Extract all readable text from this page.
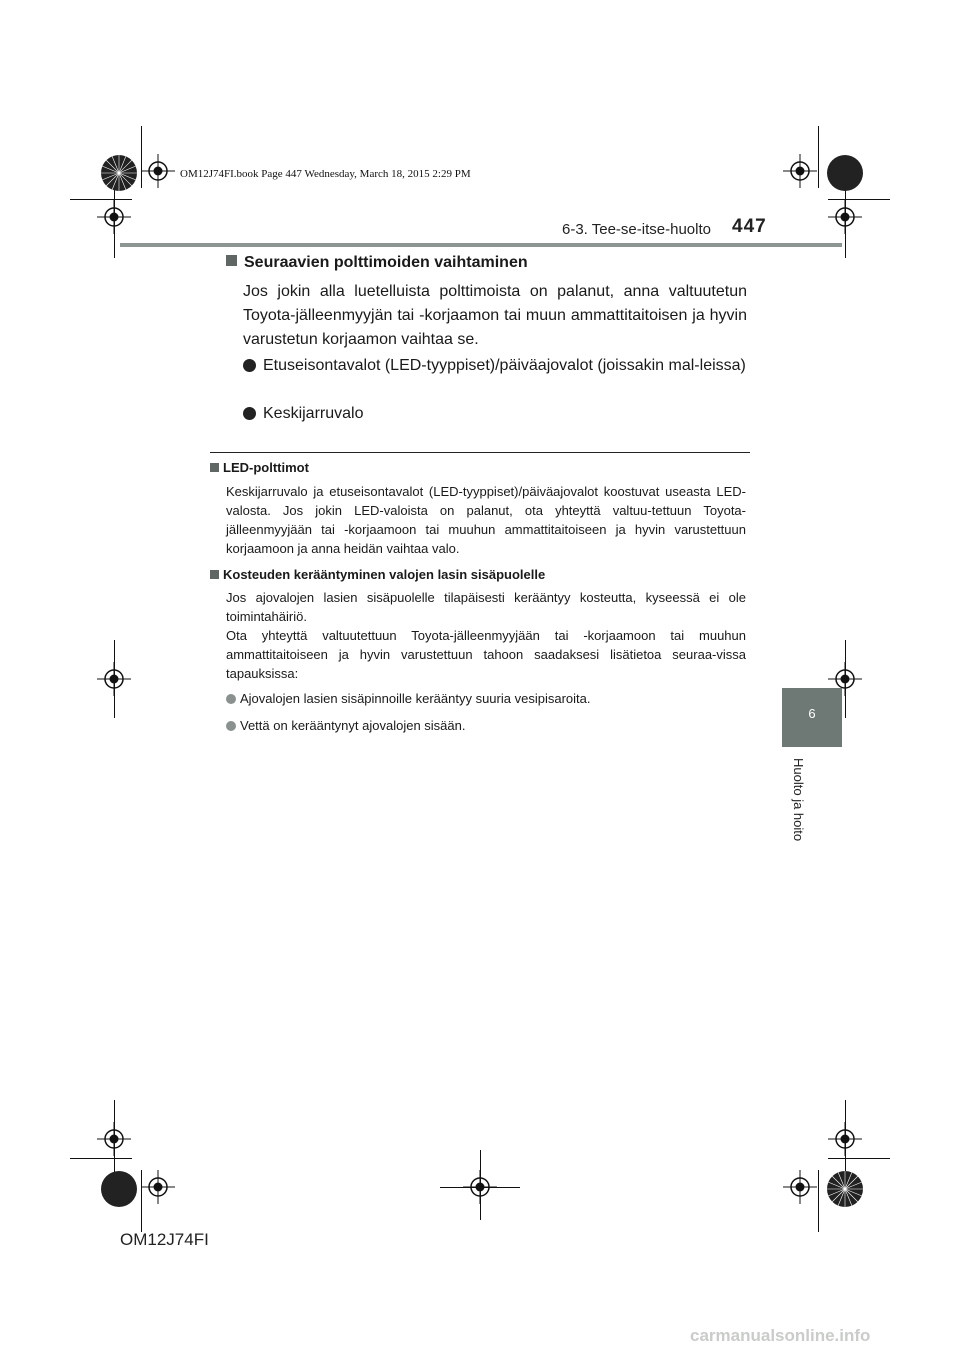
OM12J74FI.book Page 447 Wednesday, March 18, 2015 2:29 PM
6-3. Tee-se-itse-huolto 447
6
Huolto ja hoito
Seuraavien polttimoiden vaihtaminen

Jos jokin alla luetelluista polttimoista on palanut, anna valtuutetun Toyota-jälleenmyyjän tai -korjaamon tai muun ammattitaitoisen ja hyvin varustetun korjaamon vaihtaa se.

Etuseisontavalot (LED-tyyppiset)/päiväajovalot (joissakin mal-leissa)

Keskijarruvalo

LED-polttimot

Keskijarruvalo ja etuseisontavalot (LED-tyyppiset)/päiväajovalot koostuvat useasta LED-valosta. Jos jokin LED-valoista on palanut, ota yhteyttä valtuu-tettuun Toyota-jälleenmyyjään tai -korjaamoon tai muuhun ammattitaitoiseen ja hyvin varustettuun korjaamoon ja anna heidän vaihtaa valo.

Kosteuden kerääntyminen valojen lasin sisäpuolelle

Jos ajovalojen lasien sisäpuolelle tilapäisesti kerääntyy kosteutta, kyseessä ei ole toimintahäiriö.

Ota yhteyttä valtuutettuun Toyota-jälleenmyyjään tai -korjaamoon tai muuhun ammattitaitoiseen ja hyvin varustettuun tahoon saadaksesi lisätietoa seuraa-vissa tapauksissa:

Ajovalojen lasien sisäpinnoille kerääntyy suuria vesipisaroita.
Vettä on kerääntynyt ajovalojen sisään.
OM12J74FI
carmanualsonline.info
